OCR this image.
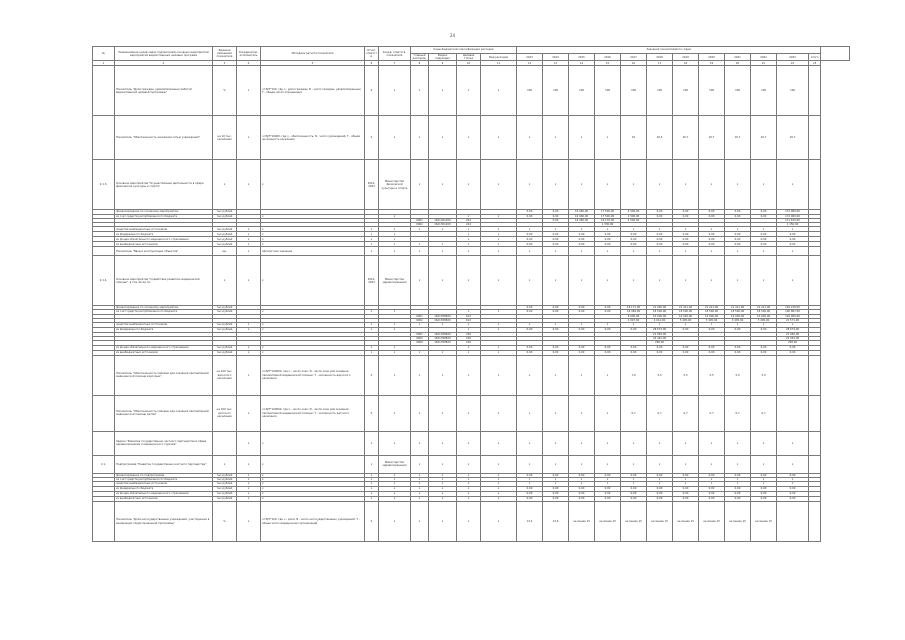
24
№	Наименование целей задач подпрограмм основных мероприятий мероприятий ведомственных целевых программ	Единица измерения показателя	Координатор, исполнитель	Методика расчета показателя	Отчет. ответств.	Коорд. ответств. показателя	Коды бюджетной классификации расходов				Значения показателей по годам												
							Главный распоряд.	Раздел подраздел	Целевая статья	Вид расходов	2013	2014	2015	2016	2017	2018	2019	2020	2021	2022	2023	итого	
1	2	3	4	5	6	7	8	9	10	11	12	13	14	15	16	17	18	19	20	21	22	23	
	Показатель "Доля граждан, удовлетворенных работой ведомственной целевой программы"	%	х	n=N/T*100, где n - доля граждан; N - число граждан, удовлетворенных; T - общее число опрошенных	0	х	х	х	х	х	100	100	100	100	100	100	100	100	100	100	100		
	Показатель "Обеспеченность населения сетью учреждений"	на 10 тыс. населения	х	n=N/T*10000, где n - обеспеченность; N - число учреждений; T - общая численность населения	0	х	х	х	х	х	х	х	х	х	16	16,5	16,7	16,7	16,7	16,7	16,7		
2.1.3.	Основное мероприятие "Осуществление деятельности в сфере физической культуры и спорта"	х	х	х	2014-2023	Министерство физической культуры и спорта	х	х	х	х	х	х	х	х	х	х	х	х	х	х	х		
	финансирование по основному мероприятию	тыс.рублей									0,00	0,00	16 460,00	17 500,00	4 500,00	0,00	0,00	0,00	0,00	0,00	172 960,00		
	за счет средств республиканского бюджета	тыс.рублей		х		х			х	х	0,00	0,00	16 460,00	17 500,00	4 500,00	0,00	0,00	0,00	0,00	0,00	172 960,00		
							0901	1621301200	244			0,00	16 460,00	16 170,00	4 500,00						171 810,00		
							0902	1621301200	244					1 330,00							1 150,00		
	средства внебюджетных источников	тыс.рублей	х	х	х	х	х	х	х	х	х	х	х	х	х	х	х	х	х	х	х		
	из федерального бюджета	тыс.рублей	х	х	х	х			х	х	0,00	0,00	0,00	0,00	0,00	0,00	0,00	0,00	0,00	0,00	0,00		
	из фонда обязательного медицинского страхования	тыс.рублей	х	х	х	х			х	х	0,00	0,00	0,00	0,00	0,00	0,00	0,00	0,00	0,00	0,00	0,00		
	из внебюджетных источников	тыс.рублей	х	х	х	х	х	х	х	х	0,00	0,00	0,00	0,00	0,00	0,00	0,00	0,00	0,00	0,00	0,00		
	Показатель "Ввод в эксплуатацию объектов"	ед.	х	Абсолютное значение	х	х	х	х	х	х	х	х	х	х	х	х	х	х	х	х	х		
2.1.4.	Основное мероприятие "Содействие развитию медицинской помощи", в том числе по:	х	х	х	2014-2023	Министерство здравоохранения	х	х	х	х	х	х	х	х	х	х	х	х	х	х	х		
	финансирование по основному мероприятию	тыс.рублей									0,00	0,00	0,00	0,00	18 171,00	21 000,00	21 411,00	21 411,00	21 411,00	21 411,00	129 218,00		
	за счет средств республиканского бюджета	тыс.рублей		х	х	х			х	х	0,00	0,00	0,00	0,00	18 484,00	18 500,00	18 500,00	18 500,00	18 500,00	18 500,00	100 867,00		
							0901	1621358820	612						8 000,00	10 000,00	10 000,00	10 000,00	10 000,00	10 000,00	120 000,00		
							0902	1621358820	612						4 047,00	4 012,00	3 405,00	3 405,00	3 405,00	3 405,00	21 571,00		
	средства внебюджетных источников	тыс.рублей	х	х	х	х	х	х	х	х	х	х	х	х	х	х	х	х	х	х	х		
	из федерального бюджета	тыс.рублей	х	х	х	х			х	х	0,00	0,00	0,00	0,00	0,00	28 674,00	0,00	0,00	0,00	0,00	28 674,00		
							0901	1621358820	246							21 940,00					21 940,00		
							0902	1621358820	246							24 442,00					24 442,00		
							0909	1621358820	246							298,00					298,00		
	из фонда обязательного медицинского страхования	тыс.рублей	х	х	х	х			х	х	0,00	0,00	0,00	0,00	0,00	0,00	0,00	0,00	0,00	0,00	0,00		
	из внебюджетных источников	тыс.рублей	х	х	х	х	х	х	х	х	0,00	0,00	0,00	0,00	0,00	0,00	0,00	0,00	0,00	0,00	0,00		
	Показатель "Обеспеченность койками для оказания паллиативной медицинской помощи взрослым"	на 100 тыс. взрослого населения	х	n=N/T*100000, где n - число коек; N - число коек для оказания паллиативной медицинской помощи; T - численность взрослого населения	0	х	х	х	х	х	х	х	х	х	7,0	5,5	5,5	5,5	5,0	5,0			
	Показатель "Обеспеченность койками для оказания паллиативной медицинской помощи детям"	на 100 тыс. детского населения	х	n=N/T*100000, где n - число коек; N - число коек для оказания паллиативной медицинской помощи; T - численность детского населения	0	х	х	х	х	х	х	х	х	х	0,7	0,7	0,7	0,7	0,7	0,7			
	Задача "Развитие государственно-частного партнерства в сфере здравоохранения и медицинского туризма"		х	х	х	х	х	х	х	х	х	х	х	х	х	х	х	х	х	х	х		
2.1.	Подпрограмма "Развитие государственно-частного партнерства"	х	х	х	х	Министерство здравоохранения	х	х	х	х	х	х	х	х	х	х	х	х	х	х	х		
	финансирование по подпрограмме	тыс.рублей	х	х	х	х	х	х	х	х	0,00	0,00	0,00	0,00	0,00	0,00	0,00	0,00	0,00	0,00	0,00		
	за счет средств республиканского бюджета	тыс.рублей	х	х	х	х	х	х	х	х	х	х	х	х	х	х	х	х	х	х	х		
	средства внебюджетных источников	тыс.рублей	х	х	х	х	х	х	х	х	х	х	х	х	х	х	х	х	х	х	х		
	из федерального бюджета	тыс.рублей	х	х	х	х	х	х	х	х	0,00	0,00	0,00	0,00	0,00	0,00	0,00	0,00	0,00	0,00	0,00		
	из фонда обязательного медицинского страхования	тыс.рублей	х	х	х	х	х	х	х	х	0,00	0,00	0,00	0,00	0,00	0,00	0,00	0,00	0,00	0,00	0,00		
	из внебюджетных источников	тыс.рублей	х	х	х	х	х	х	х	х	0,00	0,00	0,00	0,00	0,00	0,00	0,00	0,00	0,00	0,00	0,00		
	Показатель "Доля негосударственных учреждений, участвующих в реализации территориальной программы"	%	х	n=N/T*100, где n - доля; N - число негосударственных учреждений; T - общее число медицинских организаций	0	х	х	х	х	х	13,4	13,6	не менее 15	не менее 15	не менее 15	не менее 15	не менее 15	не менее 15	не менее 15	не менее 15			
